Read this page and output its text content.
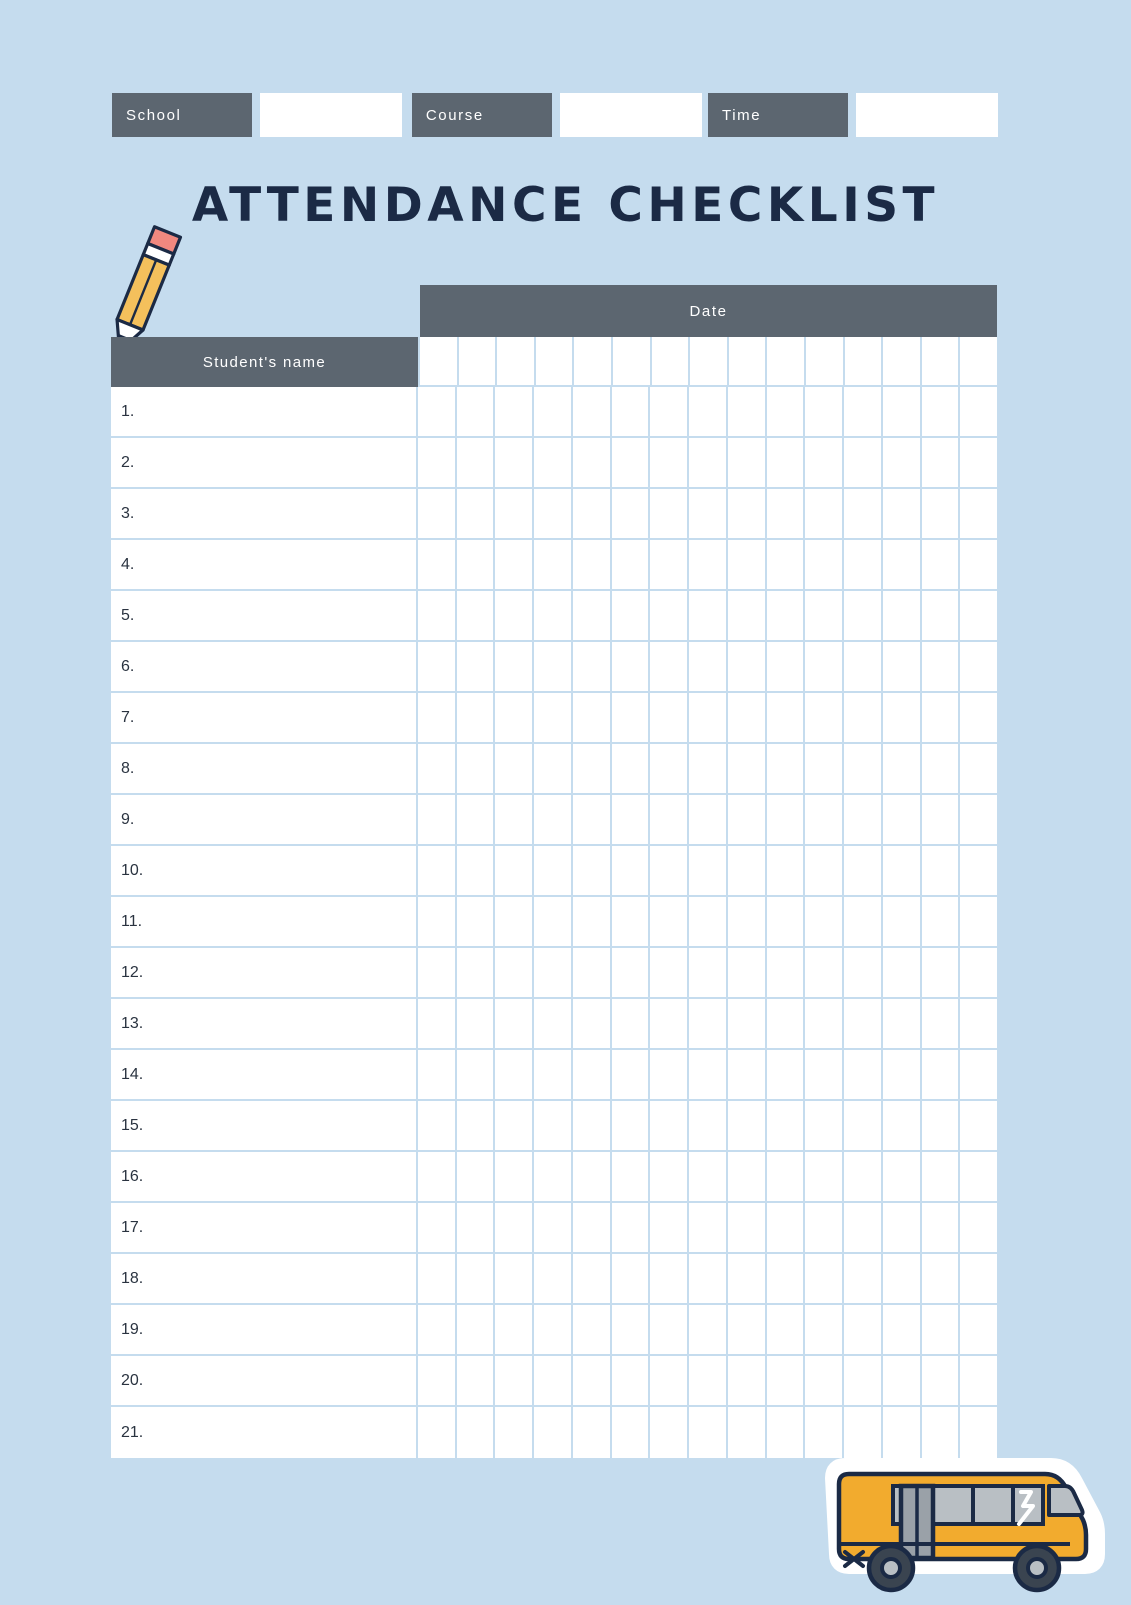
School	Course	Time
ATTENDANCE CHECKLIST
Date
Student's name
1.
2.
3.
4.
5.
6.
7.
8.
9.
10.
11.
12.
13.
14.
15.
16.
17.
18.
19.
20.
21.
